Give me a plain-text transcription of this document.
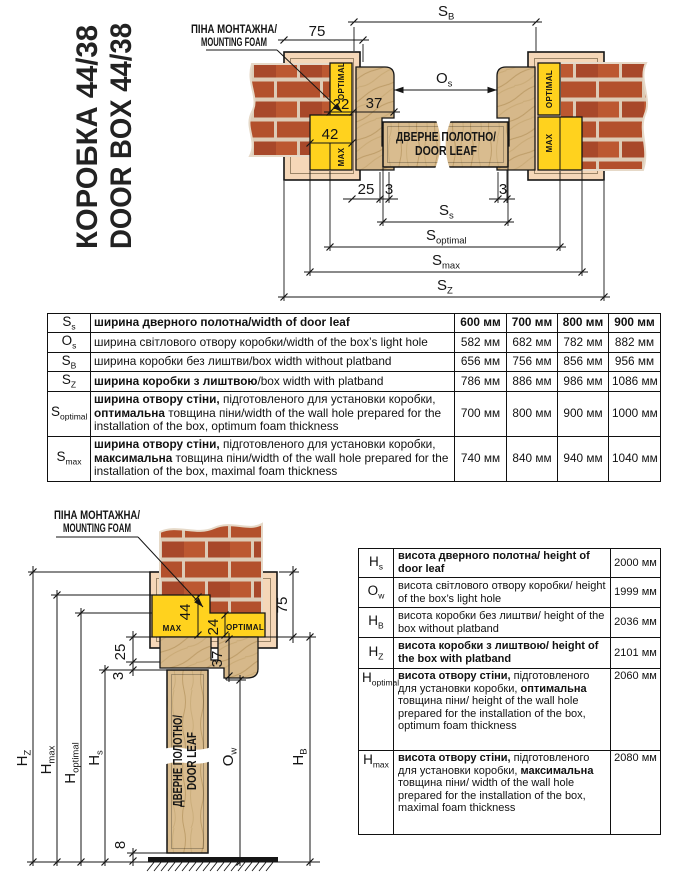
КОРОБКА 44/38 DOOR BOX 44/38	ДВЕРНЕ ПОЛОТНО/
DOOR LEAF
OPTIMAL
MAX
OPTIMAL
MAX
$S_B$
75
22 37
42
$O_s$
25 3	3
$S_s$
$S_{optimal}$
$S_{max}$
$S_Z$
ПІНА МОНТАЖНА/
MOUNTING FOAM
MAX	OPTIMAL
ДВЕРНЕ ПОЛОТНО/ DOOR LEAF
44
24
75
37
25
3
8
$H_Z$
$H_{max}$
$H_{optimal}$ $H_s$
$O_w$
$H_B$
ПІНА МОНТАЖНА/
MOUNTING FOAM
$S_s$	ширина дверного полотна/width of door leaf	600 мм	700 мм	800 мм	900 мм
$O_s$	ширина світлового отвору коробки/width of the box’s light hole	582 мм	682 мм	782 мм	882 мм
$S_B$	ширина коробки без лиштви/box width without platband	656 мм	756 мм	856 мм	956 мм
$S_Z$	ширина коробки з лиштвою/box width with platband	786 мм	886 мм	986 мм	1086 мм
$S_{optimal}$	ширина отвору стіни, підготовленого для установки коробки, оптимальна товщина піни/width of the wall hole prepared for the installation of the box, optimum foam thickness	700 мм	800 мм	900 мм	1000 мм
$S_{max}$	ширина отвору стіни, підготовленого для установки коробки, максимальна товщина піни/width of the wall hole prepared for the installation of the box, maximal foam thickness	740 мм	840 мм	940 мм	1040 мм
$H_s$	висота дверного полотна/ height of door leaf	2000 мм
$O_w$	висота світлового отвору коробки/ height of the box’s light hole	1999 мм
$H_B$	висота коробки без лиштви/ height of the box without platband	2036 мм
$H_Z$	висота коробки з лиштвою/ height of the box with platband	2101 мм
$H_{optimal}$	висота отвору стіни, підготовленого для установки коробки, оптимальна товщина піни/ height of the wall hole prepared for the installation of the box, optimum foam thickness	2060 мм
$H_{max}$	висота отвору стіни, підготовленого для установки коробки, максимальна товщина піни/ width of the wall hole prepared for the installation of the box, maximal foam thickness	2080 мм
